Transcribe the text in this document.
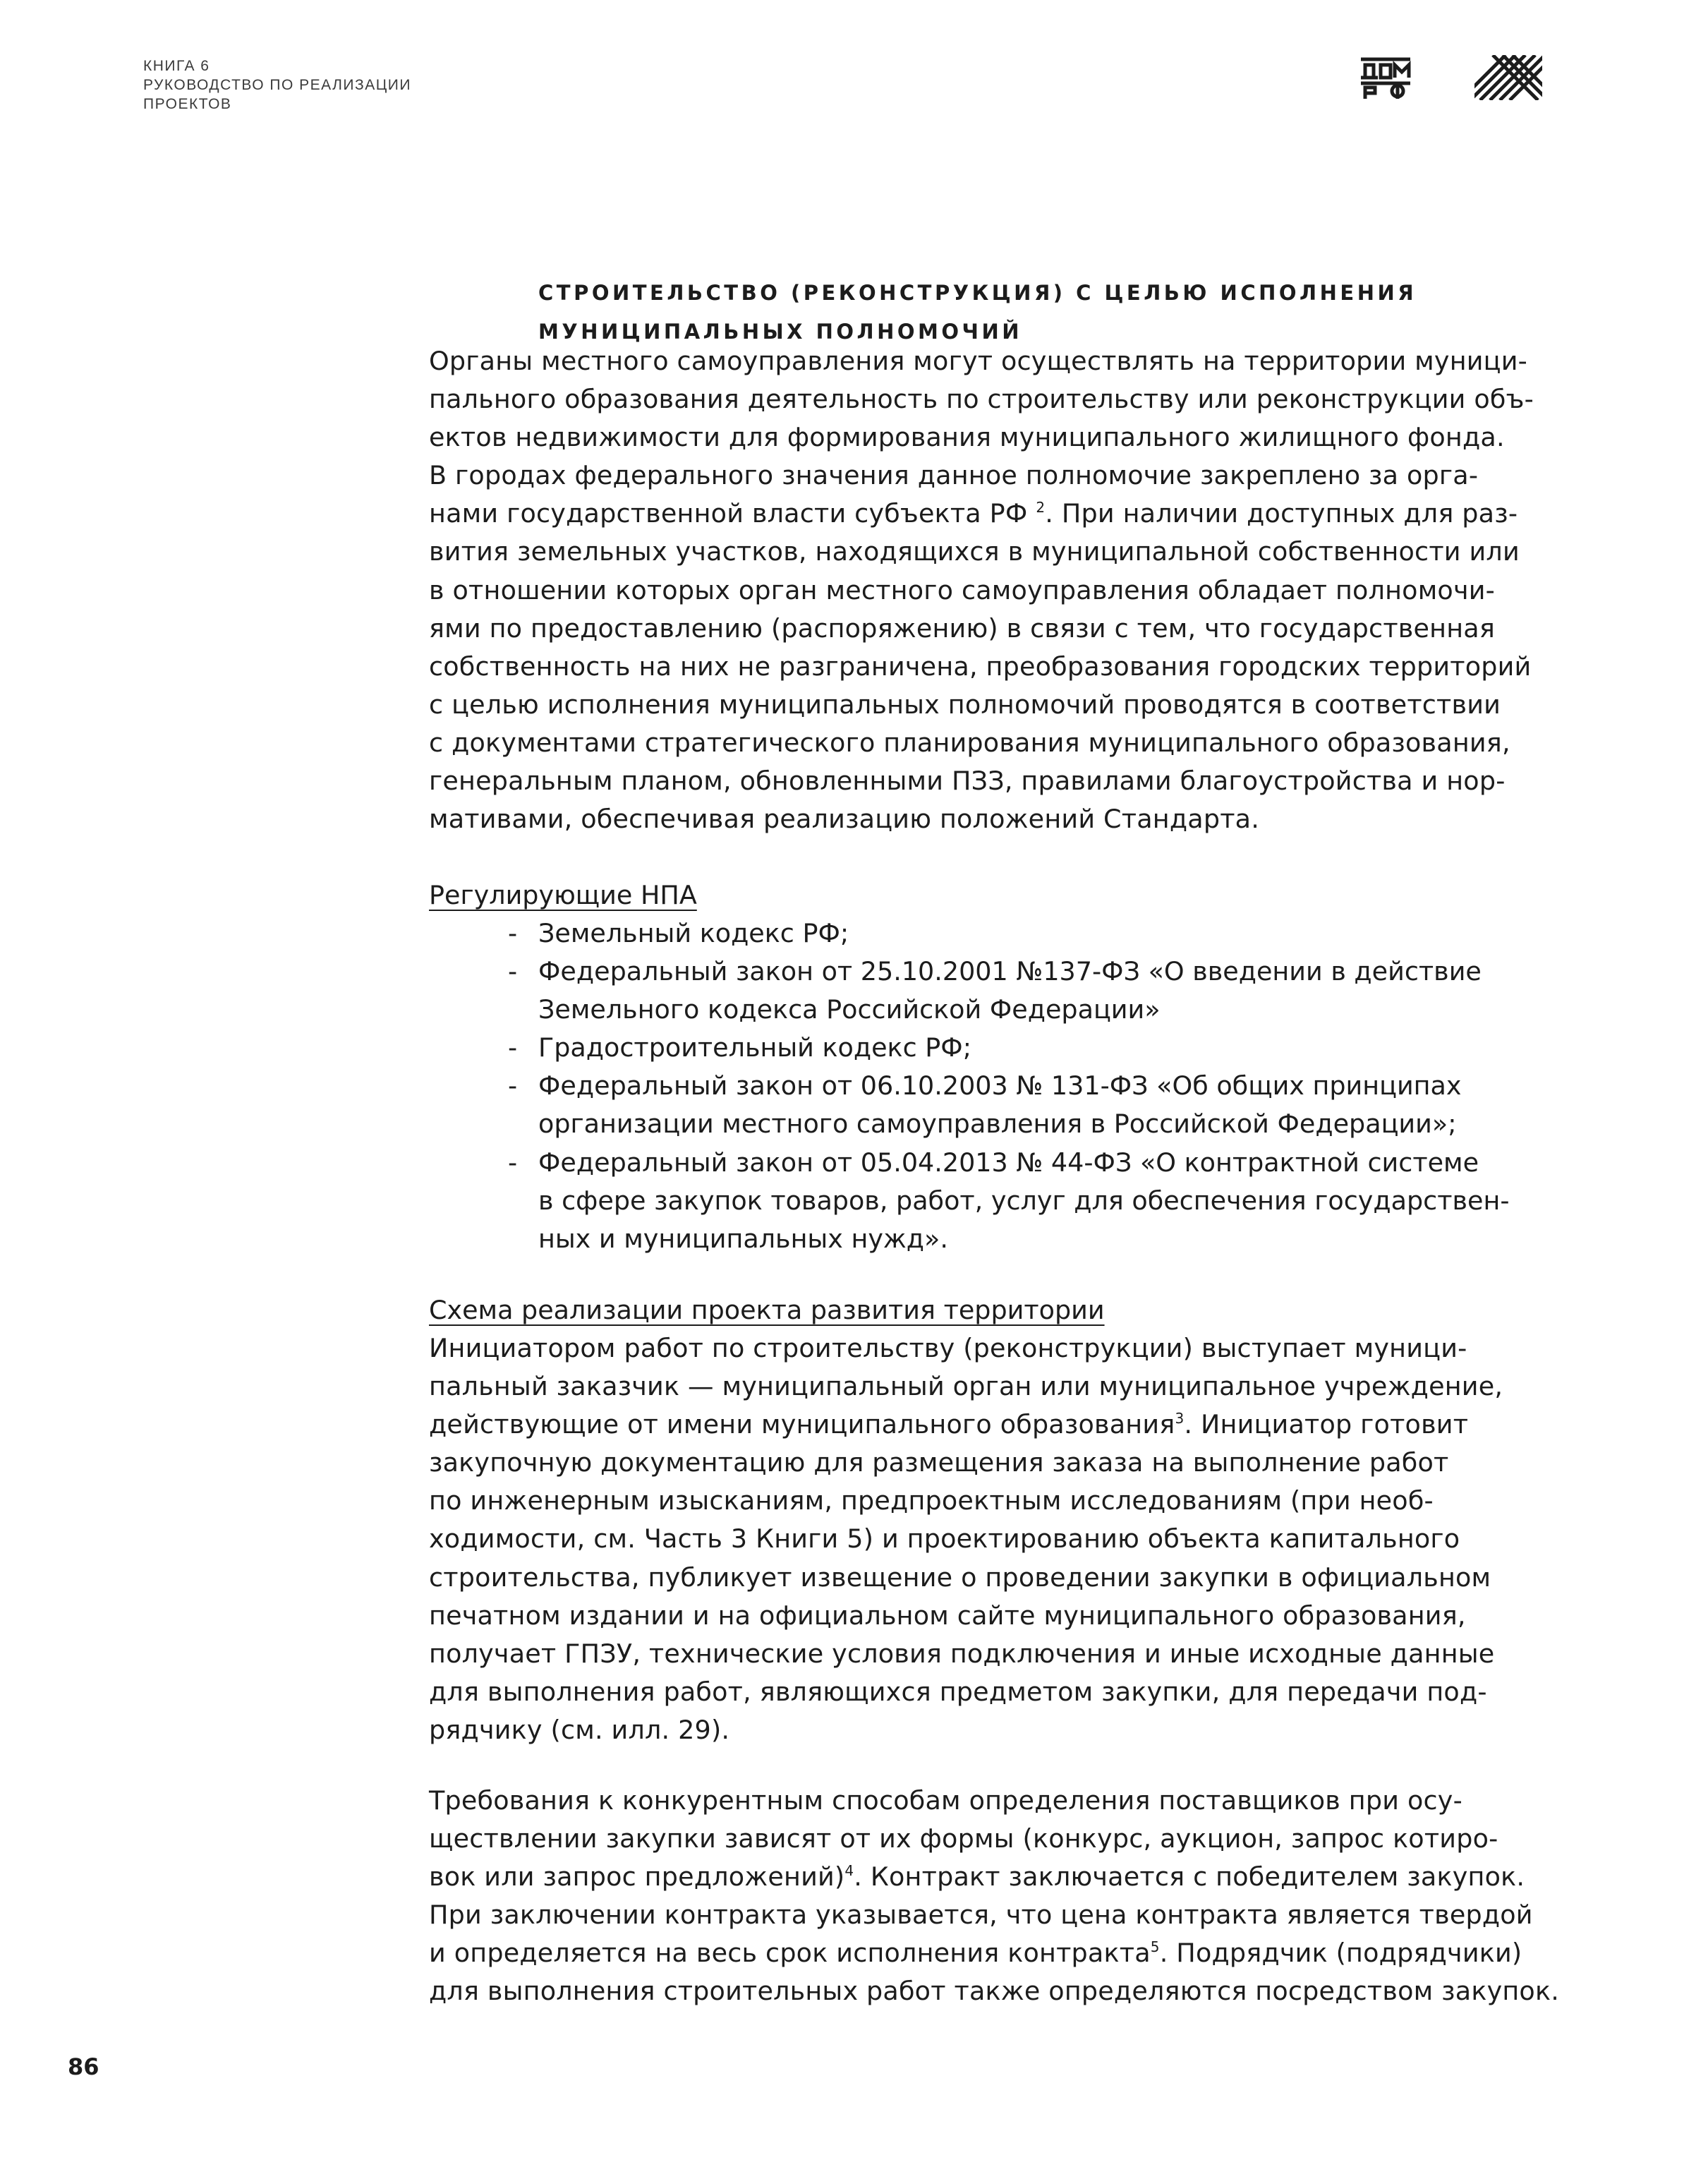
КНИГА 6
РУКОВОДСТВО ПО РЕАЛИЗАЦИИ
ПРОЕКТОВ
СТРОИТЕЛЬСТВО (РЕКОНСТРУКЦИЯ) С ЦЕЛЬЮ ИСПОЛНЕНИЯ
МУНИЦИПАЛЬНЫХ ПОЛНОМОЧИЙ
Органы местного самоуправления могут осуществлять на территории муници-
пального образования деятельность по строительству или реконструкции объ-
ектов недвижимости для формирования муниципального жилищного фонда.
В городах федерального значения данное полномочие закреплено за орга-
нами государственной власти субъекта РФ $^2$. При наличии доступных для раз-
вития земельных участков, находящихся в муниципальной собственности или
в отношении которых орган местного самоуправления обладает полномочи-
ями по предоставлению (распоряжению) в связи с тем, что государственная
собственность на них не разграничена, преобразования городских территорий
с целью исполнения муниципальных полномочий проводятся в соответствии
с документами стратегического планирования муниципального образования,
генеральным планом, обновленными ПЗЗ, правилами благоустройства и нор-
мативами, обеспечивая реализацию положений Стандарта.
Регулирующие НПА
- Земельный кодекс РФ;
- Федеральный закон от 25.10.2001 №137-ФЗ «О введении в действие
Земельного кодекса Российской Федерации»
- Градостроительный кодекс РФ;
- Федеральный закон от 06.10.2003 № 131-ФЗ «Об общих принципах
организации местного самоуправления в Российской Федерации»;
- Федеральный закон от 05.04.2013 № 44-ФЗ «О контрактной системе
в сфере закупок товаров, работ, услуг для обеспечения государствен-
ных и муниципальных нужд».
Схема реализации проекта развития территории
Инициатором работ по строительству (реконструкции) выступает муници-
пальный заказчик — муниципальный орган или муниципальное учреждение,
действующие от имени муниципального образования$^3$. Инициатор готовит
закупочную документацию для размещения заказа на выполнение работ
по инженерным изысканиям, предпроектным исследованиям (при необ-
ходимости, см. Часть 3 Книги 5) и проектированию объекта капитального
строительства, публикует извещение о проведении закупки в официальном
печатном издании и на официальном сайте муниципального образования,
получает ГПЗУ, технические условия подключения и иные исходные данные
для выполнения работ, являющихся предметом закупки, для передачи под-
рядчику (см. илл. 29).
Требования к конкурентным способам определения поставщиков при осу-
ществлении закупки зависят от их формы (конкурс, аукцион, запрос котиро-
вок или запрос предложений)$^4$. Контракт заключается с победителем закупок.
При заключении контракта указывается, что цена контракта является твердой
и определяется на весь срок исполнения контракта$^5$. Подрядчик (подрядчики)
для выполнения строительных работ также определяются посредством закупок.
86
